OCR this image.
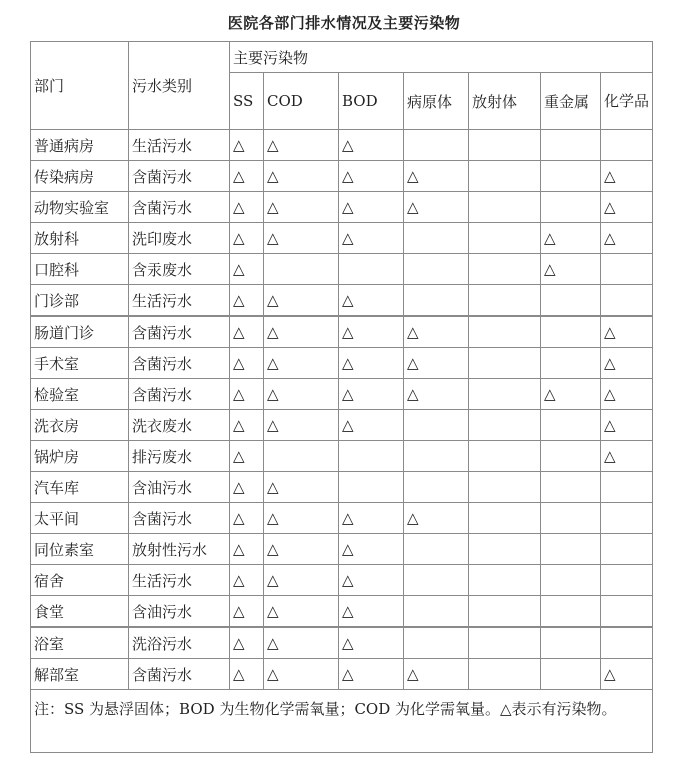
医院各部门排水情况及主要污染物
部门	污水类别	主要污染物						
		SS	COD	BOD	病原体	放射体	重金属	化学品
普通病房	生活污水	△	△	△				
传染病房	含菌污水	△	△	△	△			△
动物实验室	含菌污水	△	△	△	△			△
放射科	洗印废水	△	△	△			△	△
口腔科	含汞废水	△					△	
门诊部	生活污水	△	△	△				
肠道门诊	含菌污水	△	△	△	△			△
手术室	含菌污水	△	△	△	△			△
检验室	含菌污水	△	△	△	△		△	△
洗衣房	洗衣废水	△	△	△				△
锅炉房	排污废水	△						△
汽车库	含油污水	△	△					
太平间	含菌污水	△	△	△	△			
同位素室	放射性污水	△	△	△				
宿舍	生活污水	△	△	△				
食堂	含油污水	△	△	△				
浴室	洗浴污水	△	△	△				
解部室	含菌污水	△	△	△	△			△
注：SS 为悬浮固体；BOD 为生物化学需氧量；COD 为化学需氧量。△表示有污染物。								
